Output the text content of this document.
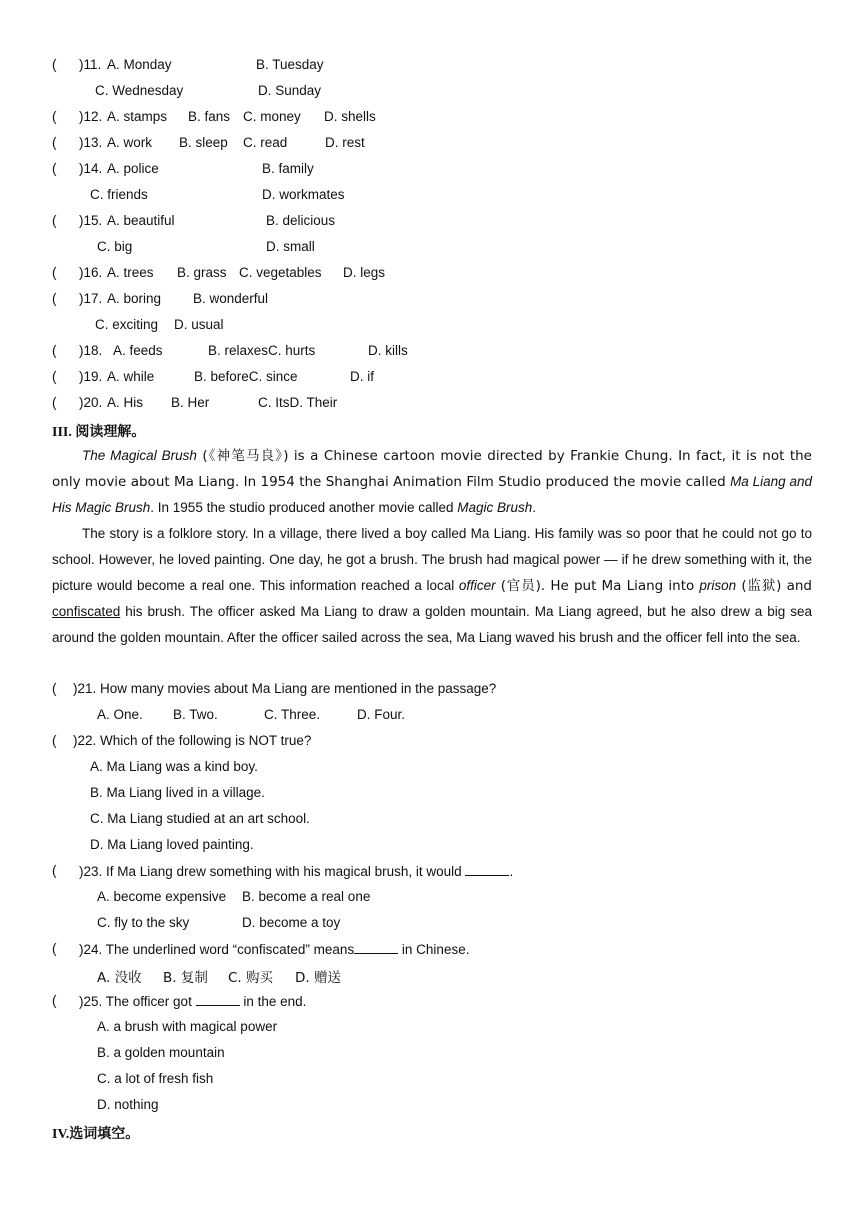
( )11. A. Monday	B. Tuesday
C. Wednesday	D. Sunday
( )12. A. stamps B. fans C. money D. shells
( )13. A. work B. sleep C. read	D. rest
( )14. A. police	B. family
C. friends	D. workmates
( )15. A. beautiful	B. delicious
C. big	D. small
( )16. A. trees B. grass C. vegetables D. legs
( )17. A. boring B. wonderful
C. exciting D. usual
( )18. A. feeds	B. relaxesC. hurts	D. kills
( )19. A. while	B. beforeC. since	D. if
( )20. A. His B. Her	C. ItsD. Their
III. 阅读理解。
The Magical Brush (《神笔马良》) is a Chinese cartoon movie directed by Frankie Chung. In fact, it is not the only movie about Ma Liang. In 1954 the Shanghai Animation Film Studio produced the movie called Ma Liang and His Magic Brush. In 1955 the studio produced another movie called Magic Brush.
The story is a folklore story. In a village, there lived a boy called Ma Liang. His family was so poor that he could not go to school. However, he loved painting. One day, he got a brush. The brush had magical power — if he drew something with it, the picture would become a real one. This information reached a local officer (官员). He put Ma Liang into prison (监狱) and confiscated his brush. The officer asked Ma Liang to draw a golden mountain. Ma Liang agreed, but he also drew a big sea around the golden mountain. After the officer sailed across the sea, Ma Liang waved his brush and the officer fell into the sea.
( )21. How many movies about Ma Liang are mentioned in the passage?
A. One. B. Two.	C. Three.	D. Four.
( )22. Which of the following is NOT true?
A. Ma Liang was a kind boy.
B. Ma Liang lived in a village.
C. Ma Liang studied at an art school.
D. Ma Liang loved painting.
( )23. If Ma Liang drew something with his magical brush, it would	.
A. become expensive B. become a real one
C. fly to the sky	D. become a toy
( )24. The underlined word “confiscated” means	in Chinese.
A. 没收 B. 复制 C. 购买 D. 赠送
( )25. The officer got	in the end.
A. a brush with magical power
B. a golden mountain
C. a lot of fresh fish
D. nothing
IV.选词填空。
